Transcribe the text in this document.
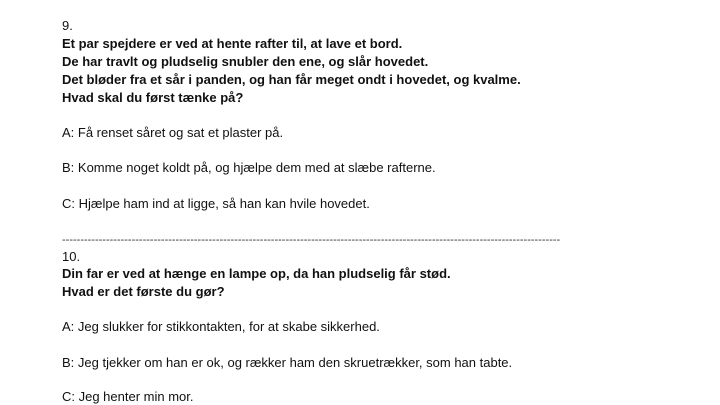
9.
Et par spejdere er ved at hente rafter til, at lave et bord.
De har travlt og pludselig snubler den ene, og slår hovedet.
Det bløder fra et sår i panden, og han får meget ondt i hovedet, og kvalme.
Hvad skal du først tænke på?
A: Få renset såret og sat et plaster på.
B: Komme noget koldt på, og hjælpe dem med at slæbe rafterne.
C: Hjælpe ham ind at ligge, så han kan hvile hovedet.
----------------------------------------------------------------------------------------------------------------------------------------
10.
Din far er ved at hænge en lampe op, da han pludselig får stød.
Hvad er det første du gør?
A: Jeg slukker for stikkontakten, for at skabe sikkerhed.
B: Jeg tjekker om han er ok, og rækker ham den skruetrækker, som han tabte.
C: Jeg henter min mor.
